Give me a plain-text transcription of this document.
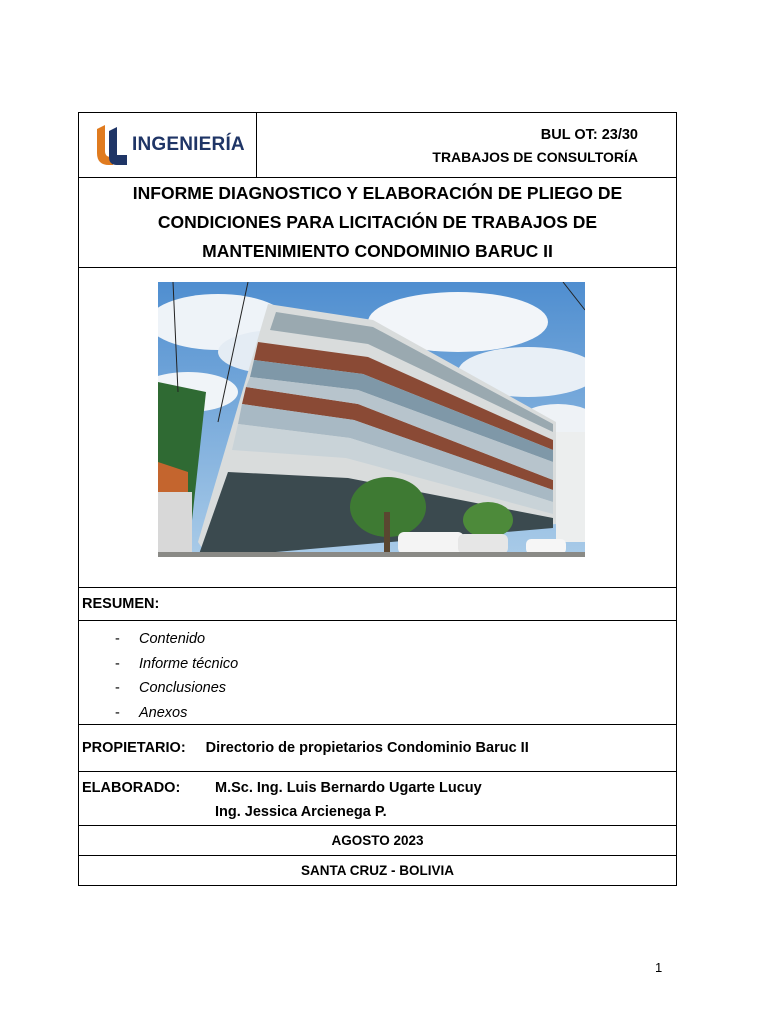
INGENIERÍA	BUL OT: 23/30
TRABAJOS DE CONSULTORÍA
INFORME DIAGNOSTICO Y ELABORACIÓN DE PLIEGO DE
CONDICIONES PARA LICITACIÓN DE TRABAJOS DE
MANTENIMIENTO CONDOMINIO BARUC II
RESUMEN:
-	Contenido
-	Informe técnico
-	Conclusiones
-	Anexos
PROPIETARIO: Directorio de propietarios Condominio Baruc II
ELABORADO:	M.Sc. Ing. Luis Bernardo Ugarte Lucuy
Ing. Jessica Arcienega P.
AGOSTO 2023
SANTA CRUZ - BOLIVIA
1
